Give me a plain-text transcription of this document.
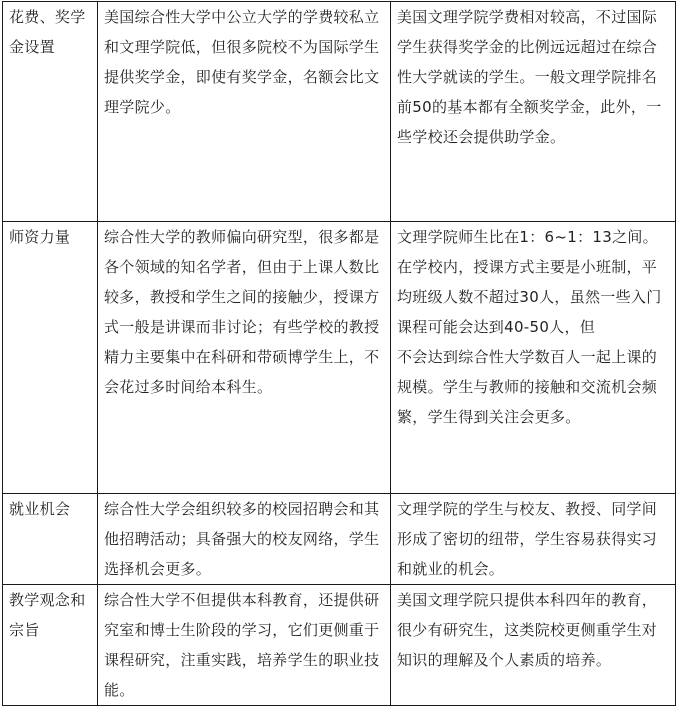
花费、奖学金设置	美国综合性大学中公立大学的学费较私立和文理学院低，但很多院校不为国际学生提供奖学金，即使有奖学金，名额会比文理学院少。	美国文理学院学费相对较高，不过国际学生获得奖学金的比例远远超过在综合性大学就读的学生。一般文理学院排名前50的基本都有全额奖学金，此外，一些学校还会提供助学金。

师资力量	综合性大学的教师偏向研究型，很多都是各个领域的知名学者，但由于上课人数比较多，教授和学生之间的接触少，授课方式一般是讲课而非讨论；有些学校的教授精力主要集中在科研和带硕博学生上，不会花过多时间给本科生。	文理学院师生比在1：6~1：13之间。在学校内，授课方式主要是小班制，平均班级人数不超过30人，虽然一些入门课程可能会达到40-50人，但
不会达到综合性大学数百人一起上课的规模。学生与教师的接触和交流机会频繁，学生得到关注会更多。

就业机会	综合性大学会组织较多的校园招聘会和其他招聘活动；具备强大的校友网络，学生选择机会更多。	文理学院的学生与校友、教授、同学间形成了密切的纽带，学生容易获得实习和就业的机会。

教学观念和宗旨	综合性大学不但提供本科教育，还提供研究室和博士生阶段的学习，它们更侧重于课程研究，注重实践，培养学生的职业技能。	美国文理学院只提供本科四年的教育，很少有研究生，这类院校更侧重学生对知识的理解及个人素质的培养。
